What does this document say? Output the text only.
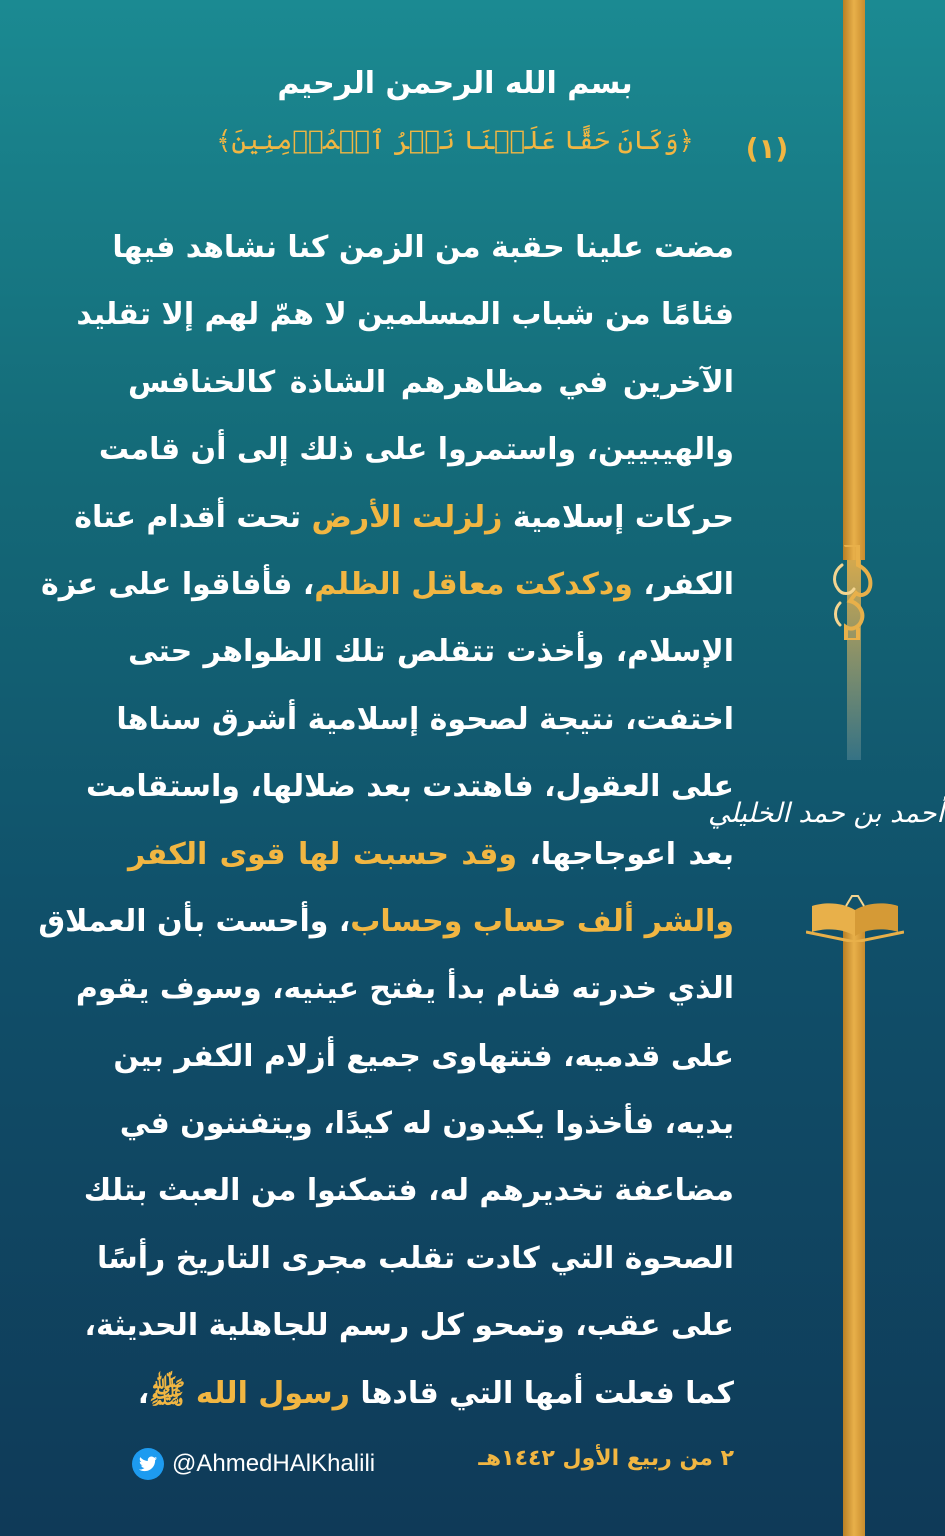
أحمد بن حمد الخليلي
بسم الله الرحمن الرحيم
﴿وَكَانَ حَقًّا عَلَيۡنَا نَصۡرُ ٱلۡمُؤۡمِنِينَ﴾	(١)
مضت علينا حقبة من الزمن كنا نشاهد فيها
فئامًا من شباب المسلمين لا همّ لهم إلا تقليد
الآخرين في مظاهرهم الشاذة كالخنافس
والهيبيين، واستمروا على ذلك إلى أن قامت
حركات إسلامية زلزلت الأرض تحت أقدام عتاة
الكفر، ودكدكت معاقل الظلم، فأفاقوا على عزة
الإسلام، وأخذت تتقلص تلك الظواهر حتى
اختفت، نتيجة لصحوة إسلامية أشرق سناها
على العقول، فاهتدت بعد ضلالها، واستقامت
بعد اعوجاجها، وقد حسبت لها قوى الكفر
والشر ألف حساب وحساب، وأحست بأن العملاق
الذي خدرته فنام بدأ يفتح عينيه، وسوف يقوم
على قدميه، فتتهاوى جميع أزلام الكفر بين
يديه، فأخذوا يكيدون له كيدًا، ويتفننون في
مضاعفة تخديرهم له، فتمكنوا من العبث بتلك
الصحوة التي كادت تقلب مجرى التاريخ رأسًا
على عقب، وتمحو كل رسم للجاهلية الحديثة،
كما فعلت أمها التي قادها رسول الله ﷺ،
٢ من ربيع الأول ١٤٤٢هـ
@AhmedHAlKhalili
